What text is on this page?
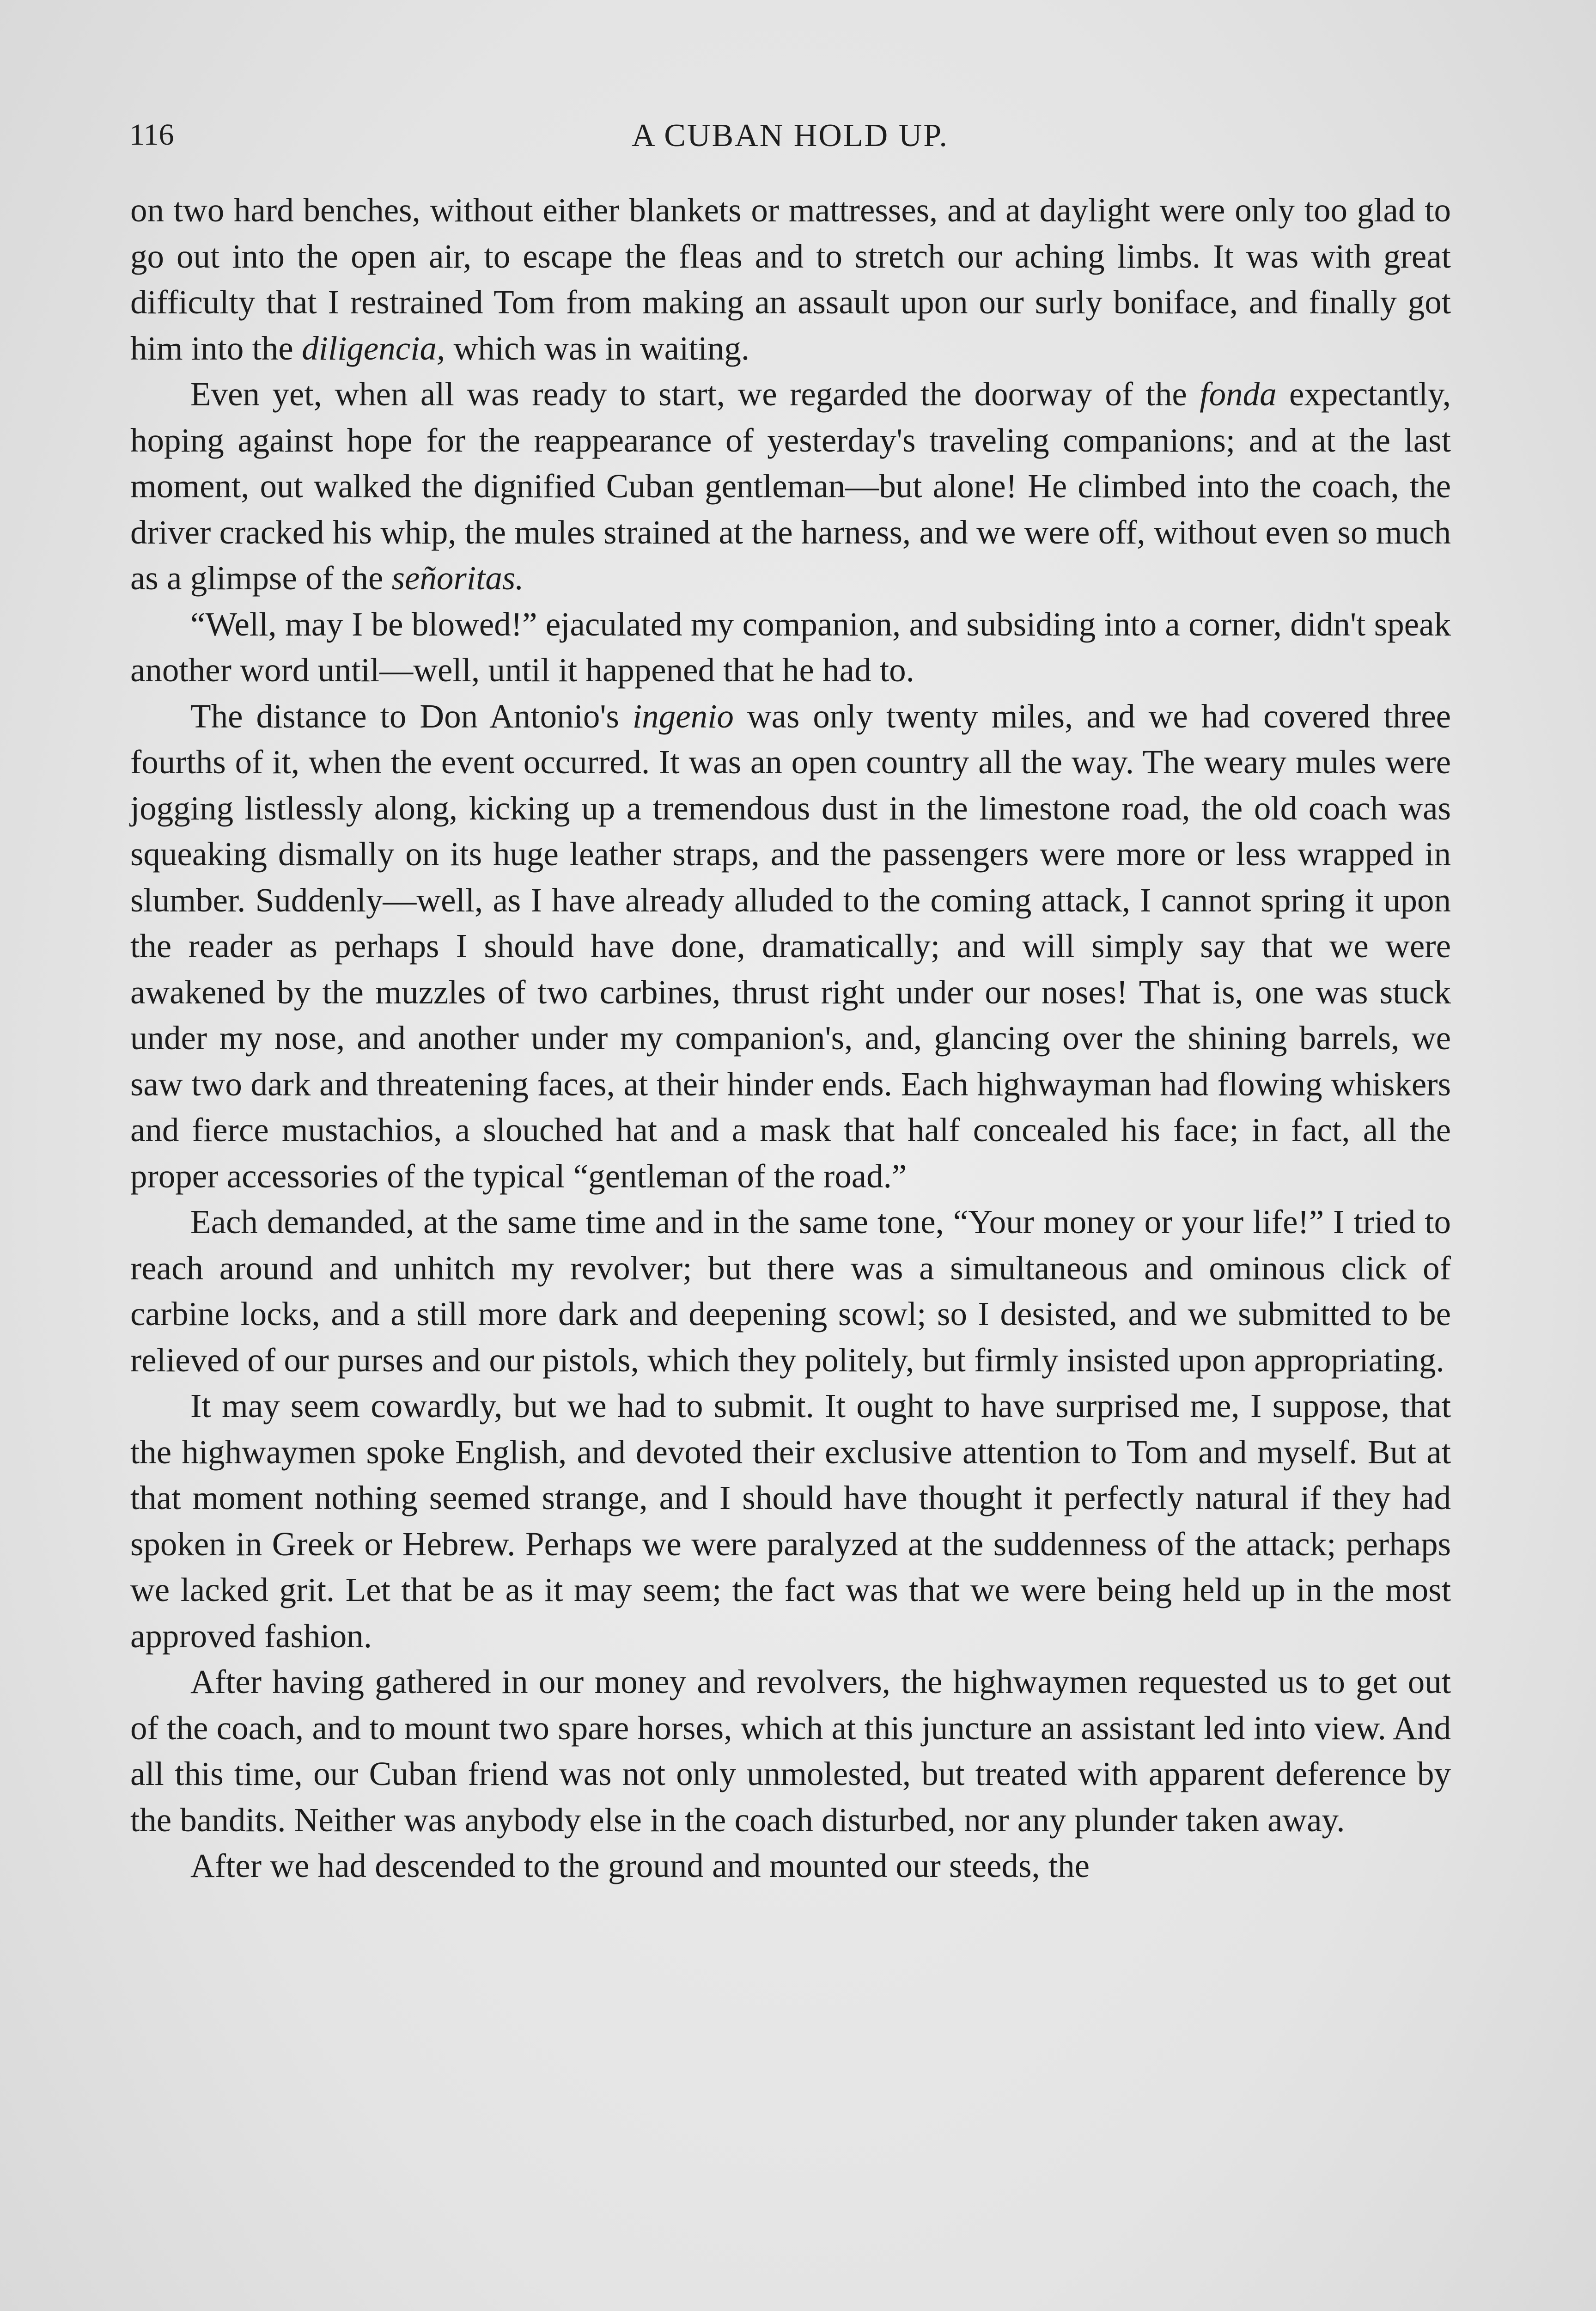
116	A CUBAN HOLD UP.

on two hard benches, without either blankets or mattresses, and at daylight were only too glad to go out into the open air, to escape the fleas and to stretch our aching limbs. It was with great difficulty that I restrained Tom from making an assault upon our surly boniface, and finally got him into the diligencia, which was in waiting.

Even yet, when all was ready to start, we regarded the doorway of the fonda expectantly, hoping against hope for the reappearance of yesterday's traveling companions; and at the last moment, out walked the dignified Cuban gentleman—but alone! He climbed into the coach, the driver cracked his whip, the mules strained at the harness, and we were off, without even so much as a glimpse of the señoritas.

“Well, may I be blowed!” ejaculated my companion, and subsiding into a corner, didn't speak another word until—well, until it happened that he had to.

The distance to Don Antonio's ingenio was only twenty miles, and we had covered three fourths of it, when the event occurred. It was an open country all the way. The weary mules were jogging listlessly along, kicking up a tremendous dust in the limestone road, the old coach was squeaking dismally on its huge leather straps, and the passengers were more or less wrapped in slumber. Suddenly—well, as I have already alluded to the coming attack, I cannot spring it upon the reader as perhaps I should have done, dramatically; and will simply say that we were awakened by the muzzles of two carbines, thrust right under our noses! That is, one was stuck under my nose, and another under my companion's, and, glancing over the shining barrels, we saw two dark and threatening faces, at their hinder ends. Each highwayman had flowing whiskers and fierce mustachios, a slouched hat and a mask that half concealed his face; in fact, all the proper accessories of the typical “gentleman of the road.”

Each demanded, at the same time and in the same tone, “Your money or your life!” I tried to reach around and unhitch my revolver; but there was a simultaneous and ominous click of carbine locks, and a still more dark and deepening scowl; so I desisted, and we submitted to be relieved of our purses and our pistols, which they politely, but firmly insisted upon appropriating.

It may seem cowardly, but we had to submit. It ought to have surprised me, I suppose, that the highwaymen spoke English, and devoted their exclusive attention to Tom and myself. But at that moment nothing seemed strange, and I should have thought it perfectly natural if they had spoken in Greek or Hebrew. Perhaps we were paralyzed at the suddenness of the attack; perhaps we lacked grit. Let that be as it may seem; the fact was that we were being held up in the most approved fashion.

After having gathered in our money and revolvers, the highwaymen requested us to get out of the coach, and to mount two spare horses, which at this juncture an assistant led into view. And all this time, our Cuban friend was not only unmolested, but treated with apparent deference by the bandits. Neither was anybody else in the coach disturbed, nor any plunder taken away.

After we had descended to the ground and mounted our steeds, the
